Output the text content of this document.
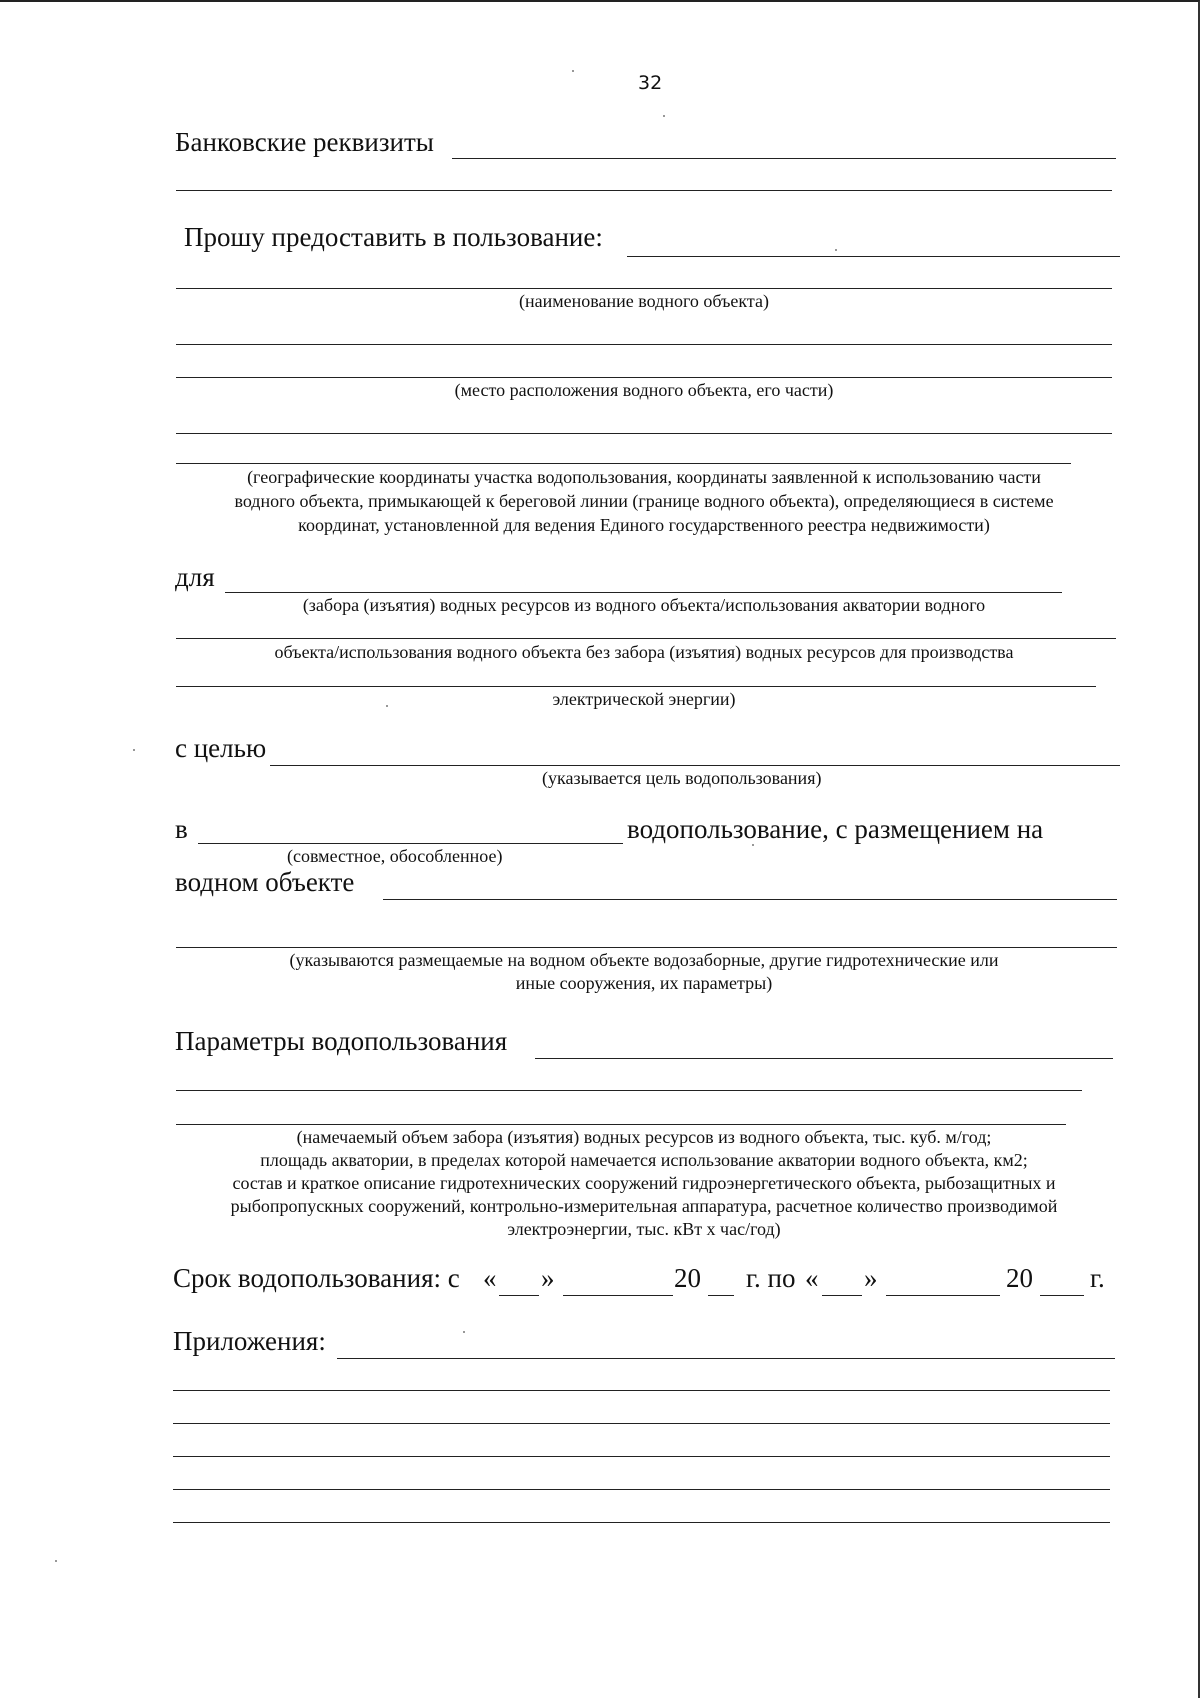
32
Банковские реквизиты
Прошу предоставить в пользование:
(наименование водного объекта)
(место расположения водного объекта, его части)
(географические координаты участка водопользования, координаты заявленной к использованию части
водного объекта, примыкающей к береговой линии (границе водного объекта), определяющиеся в системе
координат, установленной для ведения Единого государственного реестра недвижимости)
для
(забора (изъятия) водных ресурсов из водного объекта/использования акватории водного
объекта/использования водного объекта без забора (изъятия) водных ресурсов для производства
электрической энергии)
с целью
(указывается цель водопользования)
в	водопользование, с размещением на
(совместное, обособленное)
водном объекте
(указываются размещаемые на водном объекте водозаборные, другие гидротехнические или
иные сооружения, их параметры)
Параметры водопользования
(намечаемый объем забора (изъятия) водных ресурсов из водного объекта, тыс. куб. м/год;
площадь акватории, в пределах которой намечается использование акватории водного объекта, км2;
состав и краткое описание гидротехнических сооружений гидроэнергетического объекта, рыбозащитных и
рыбопропускных сооружений, контрольно-измерительная аппаратура, расчетное количество производимой
электроэнергии, тыс. кВт х час/год)
Срок водопользования: с « »	20 г. по « »	20 г.
Приложения:
